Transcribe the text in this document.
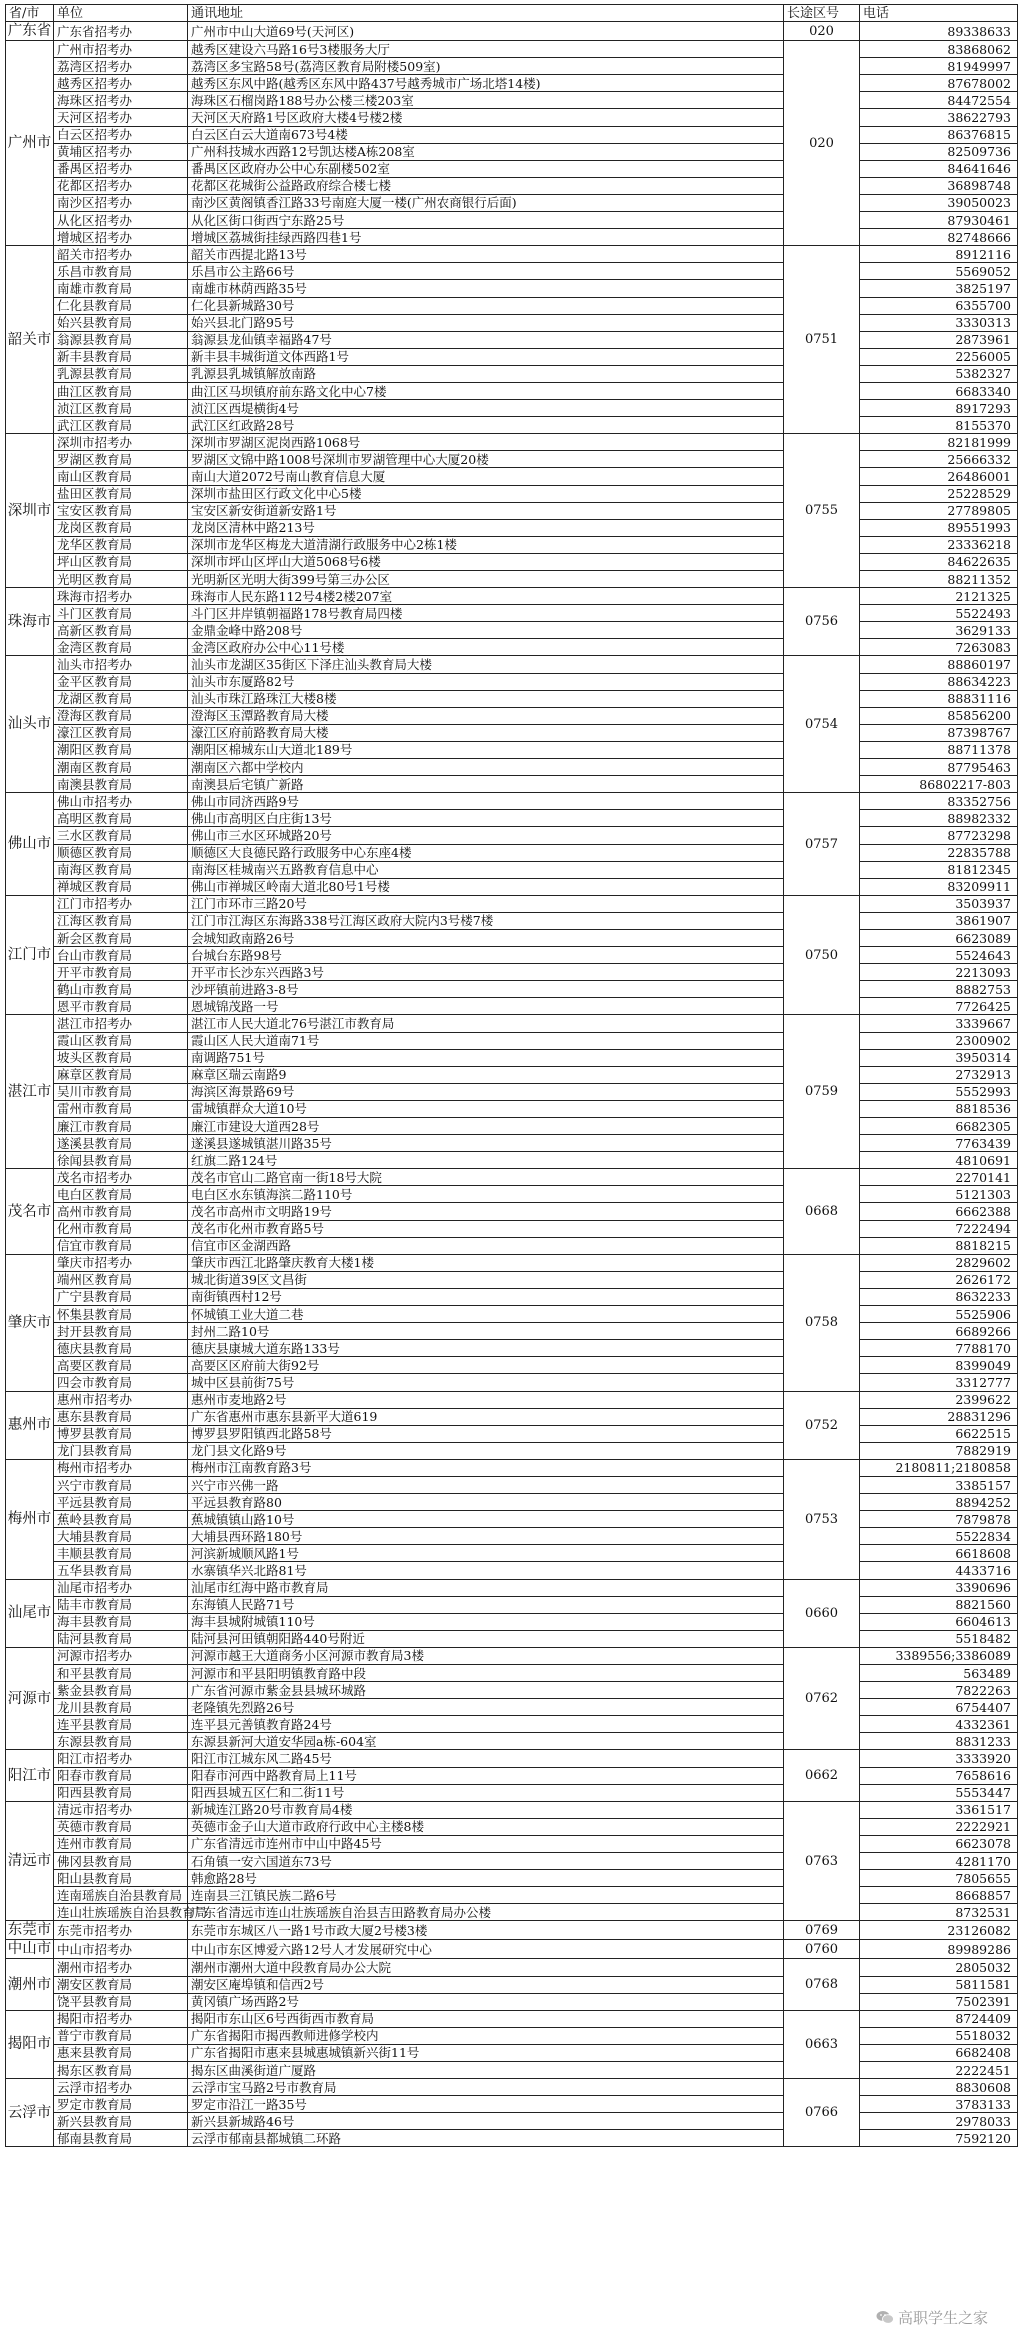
省/市	单位	通讯地址	长途区号	电话
广东省	广东省招考办	广州市中山大道69号(天河区)	020	89338633
广州市	广州市招考办	越秀区建设六马路16号3楼服务大厅	020	83868062
	荔湾区招考办	荔湾区多宝路58号(荔湾区教育局附楼509室)		81949997
	越秀区招考办	越秀区东风中路(越秀区东风中路437号越秀城市广场北塔14楼)		87678002
	海珠区招考办	海珠区石榴岗路188号办公楼三楼203室		84472554
	天河区招考办	天河区天府路1号区政府大楼4号楼2楼		38622793
	白云区招考办	白云区白云大道南673号4楼		86376815
	黄埔区招考办	广州科技城水西路12号凯达楼A栋208室		82509736
	番禺区招考办	番禺区区政府办公中心东副楼502室		84641646
	花都区招考办	花都区花城街公益路政府综合楼七楼		36898748
	南沙区招考办	南沙区黄阁镇香江路33号南庭大厦一楼(广州农商银行后面)		39050023
	从化区招考办	从化区街口街西宁东路25号		87930461
	增城区招考办	增城区荔城街挂绿西路四巷1号		82748666
韶关市	韶关市招考办	韶关市西提北路13号	0751	8912116
	乐昌市教育局	乐昌市公主路66号		5569052
	南雄市教育局	南雄市林荫西路35号		3825197
	仁化县教育局	仁化县新城路30号		6355700
	始兴县教育局	始兴县北门路95号		3330313
	翁源县教育局	翁源县龙仙镇幸福路47号		2873961
	新丰县教育局	新丰县丰城街道文体西路1号		2256005
	乳源县教育局	乳源县乳城镇解放南路		5382327
	曲江区教育局	曲江区马坝镇府前东路文化中心7楼		6683340
	浈江区教育局	浈江区西堤横街4号		8917293
	武江区教育局	武江区红政路28号		8155370
深圳市	深圳市招考办	深圳市罗湖区泥岗西路1068号	0755	82181999
	罗湖区教育局	罗湖区文锦中路1008号深圳市罗湖管理中心大厦20楼		25666332
	南山区教育局	南山大道2072号南山教育信息大厦		26486001
	盐田区教育局	深圳市盐田区行政文化中心5楼		25228529
	宝安区教育局	宝安区新安街道新安路1号		27789805
	龙岗区教育局	龙岗区清林中路213号		89551993
	龙华区教育局	深圳市龙华区梅龙大道清湖行政服务中心2栋1楼		23336218
	坪山区教育局	深圳市坪山区坪山大道5068号6楼		84622635
	光明区教育局	光明新区光明大街399号第三办公区		88211352
珠海市	珠海市招考办	珠海市人民东路112号4楼2楼207室	0756	2121325
	斗门区教育局	斗门区井岸镇朝福路178号教育局四楼		5522493
	高新区教育局	金鼎金峰中路208号		3629133
	金湾区教育局	金湾区政府办公中心11号楼		7263083
汕头市	汕头市招考办	汕头市龙湖区35街区下泽庄汕头教育局大楼	0754	88860197
	金平区教育局	汕头市东厦路82号		88634223
	龙湖区教育局	汕头市珠江路珠江大楼8楼		88831116
	澄海区教育局	澄海区玉潭路教育局大楼		85856200
	濠江区教育局	濠江区府前路教育局大楼		87398767
	潮阳区教育局	潮阳区棉城东山大道北189号		88711378
	潮南区教育局	潮南区六都中学校内		87795463
	南澳县教育局	南澳县后宅镇广新路		86802217-803
佛山市	佛山市招考办	佛山市同济西路9号	0757	83352756
	高明区教育局	佛山市高明区白庄街13号		88982332
	三水区教育局	佛山市三水区环城路20号		87723298
	顺德区教育局	顺德区大良德民路行政服务中心东座4楼		22835788
	南海区教育局	南海区桂城南兴五路教育信息中心		81812345
	禅城区教育局	佛山市禅城区岭南大道北80号1号楼		83209911
江门市	江门市招考办	江门市环市三路20号	0750	3503937
	江海区教育局	江门市江海区东海路338号江海区政府大院内3号楼7楼		3861907
	新会区教育局	会城知政南路26号		6623089
	台山市教育局	台城台东路98号		5524643
	开平市教育局	开平市长沙东兴西路3号		2213093
	鹤山市教育局	沙坪镇前进路3-8号		8882753
	恩平市教育局	恩城锦茂路一号		7726425
湛江市	湛江市招考办	湛江市人民大道北76号湛江市教育局	0759	3339667
	霞山区教育局	霞山区人民大道南71号		2300902
	坡头区教育局	南调路751号		3950314
	麻章区教育局	麻章区瑞云南路9		2732913
	吴川市教育局	海滨区海景路69号		5552993
	雷州市教育局	雷城镇群众大道10号		8818536
	廉江市教育局	廉江市建设大道西28号		6682305
	遂溪县教育局	遂溪县遂城镇湛川路35号		7763439
	徐闻县教育局	红旗二路124号		4810691
茂名市	茂名市招考办	茂名市官山二路官南一街18号大院	0668	2270141
	电白区教育局	电白区水东镇海滨二路110号		5121303
	高州市教育局	茂名市高州市文明路19号		6662388
	化州市教育局	茂名市化州市教育路5号		7222494
	信宜市教育局	信宜市区金湖西路		8818215
肇庆市	肇庆市招考办	肇庆市西江北路肇庆教育大楼1楼	0758	2829602
	端州区教育局	城北街道39区文昌街		2626172
	广宁县教育局	南街镇西村12号		8632233
	怀集县教育局	怀城镇工业大道二巷		5525906
	封开县教育局	封州二路10号		6689266
	德庆县教育局	德庆县康城大道东路133号		7788170
	高要区教育局	高要区区府前大街92号		8399049
	四会市教育局	城中区县前街75号		3312777
惠州市	惠州市招考办	惠州市麦地路2号	0752	2399622
	惠东县教育局	广东省惠州市惠东县新平大道619		28831296
	博罗县教育局	博罗县罗阳镇西北路58号		6622515
	龙门县教育局	龙门县文化路9号		7882919
梅州市	梅州市招考办	梅州市江南教育路3号	0753	2180811;2180858
	兴宁市教育局	兴宁市兴佛一路		3385157
	平远县教育局	平远县教育路80		8894252
	蕉岭县教育局	蕉城镇镇山路10号		7879878
	大埔县教育局	大埔县西环路180号		5522834
	丰顺县教育局	河滨新城顺风路1号		6618608
	五华县教育局	水寨镇华兴北路81号		4433716
汕尾市	汕尾市招考办	汕尾市红海中路市教育局	0660	3390696
	陆丰市教育局	东海镇人民路71号		8821560
	海丰县教育局	海丰县城附城镇110号		6604613
	陆河县教育局	陆河县河田镇朝阳路440号附近		5518482
河源市	河源市招考办	河源市越王大道商务小区河源市教育局3楼	0762	3389556;3386089
	和平县教育局	河源市和平县阳明镇教育路中段		563489
	紫金县教育局	广东省河源市紫金县县城环城路		7822263
	龙川县教育局	老隆镇先烈路26号		6754407
	连平县教育局	连平县元善镇教育路24号		4332361
	东源县教育局	东源县新河大道安华园a栋-604室		8831233
阳江市	阳江市招考办	阳江市江城东风二路45号	0662	3333920
	阳春市教育局	阳春市河西中路教育局上11号		7658616
	阳西县教育局	阳西县城五区仁和二街11号		5553447
清远市	清远市招考办	新城连江路20号市教育局4楼	0763	3361517
	英德市教育局	英德市金子山大道市政府行政中心主楼8楼		2222921
	连州市教育局	广东省清远市连州市中山中路45号		6623078
	佛冈县教育局	石角镇一安六国道东73号		4281170
	阳山县教育局	韩愈路28号		7805655
	连南瑶族自治县教育局	连南县三江镇民族二路6号		8668857
	连山壮族瑶族自治县教育局	广东省清远市连山壮族瑶族自治县吉田路教育局办公楼		8732531
东莞市	东莞市招考办	东莞市东城区八一路1号市政大厦2号楼3楼	0769	23126082
中山市	中山市招考办	中山市东区博爱六路12号人才发展研究中心	0760	89989286
潮州市	潮州市招考办	潮州市潮州大道中段教育局办公大院	0768	2805032
	潮安区教育局	潮安区庵埠镇和信西2号		5811581
	饶平县教育局	黄冈镇广场西路2号		7502391
揭阳市	揭阳市招考办	揭阳市东山区6号西街西市教育局	0663	8724409
	普宁市教育局	广东省揭阳市揭西教师进修学校内		5518032
	惠来县教育局	广东省揭阳市惠来县城惠城镇新兴街11号		6682408
	揭东区教育局	揭东区曲溪街道广厦路		2222451
云浮市	云浮市招考办	云浮市宝马路2号市教育局	0766	8830608
	罗定市教育局	罗定市沿江一路35号		3783133
	新兴县教育局	新兴县新城路46号		2978033
	郁南县教育局	云浮市郁南县都城镇二环路		7592120
高职学生之家
